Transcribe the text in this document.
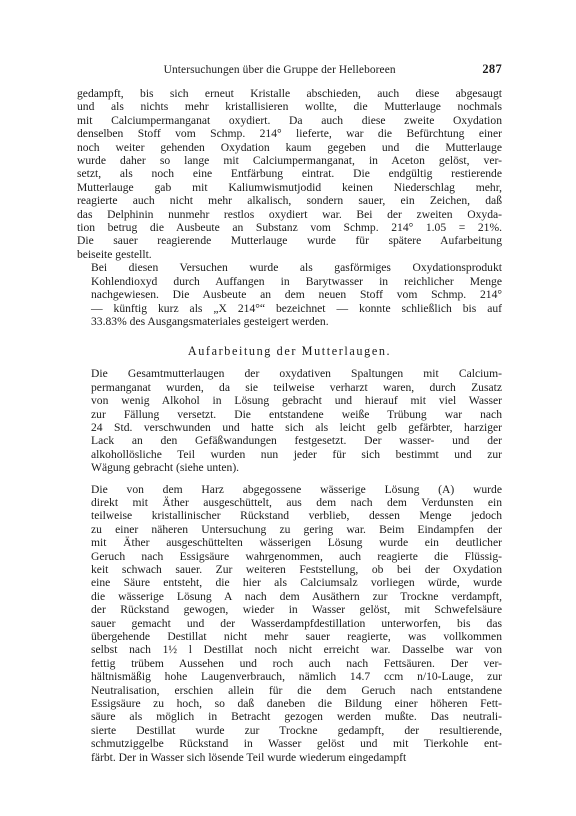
Untersuchungen über die Gruppe der Helleboreen	287
gedampft, bis sich erneut Kristalle abschieden, auch diese abgesaugt
und als nichts mehr kristallisieren wollte, die Mutterlauge nochmals
mit Calciumpermanganat oxydiert. Da auch diese zweite Oxydation
denselben Stoff vom Schmp. 214° lieferte, war die Befürchtung einer
noch weiter gehenden Oxydation kaum gegeben und die Mutterlauge
wurde daher so lange mit Calciumpermanganat, in Aceton gelöst, ver-
setzt, als noch eine Entfärbung eintrat. Die endgültig restierende
Mutterlauge gab mit Kaliumwismutjodid keinen Niederschlag mehr,
reagierte auch nicht mehr alkalisch, sondern sauer, ein Zeichen, daß
das Delphinin nunmehr restlos oxydiert war. Bei der zweiten Oxyda-
tion betrug die Ausbeute an Substanz vom Schmp. 214° 1.05 = 21%.
Die sauer reagierende Mutterlauge wurde für spätere Aufarbeitung
beiseite gestellt.
Bei diesen Versuchen wurde als gasförmiges Oxydationsprodukt
Kohlendioxyd durch Auffangen in Barytwasser in reichlicher Menge
nachgewiesen. Die Ausbeute an dem neuen Stoff vom Schmp. 214°
— künftig kurz als „X 214°“ bezeichnet — konnte schließlich bis auf
33.83% des Ausgangsmateriales gesteigert werden.
Aufarbeitung der Mutterlaugen.
Die Gesamtmutterlaugen der oxydativen Spaltungen mit Calcium-
permanganat wurden, da sie teilweise verharzt waren, durch Zusatz
von wenig Alkohol in Lösung gebracht und hierauf mit viel Wasser
zur Fällung versetzt. Die entstandene weiße Trübung war nach
24 Std. verschwunden und hatte sich als leicht gelb gefärbter, harziger
Lack an den Gefäßwandungen festgesetzt. Der wasser- und der
alkohollösliche Teil wurden nun jeder für sich bestimmt und zur
Wägung gebracht (siehe unten).
Die von dem Harz abgegossene wässerige Lösung (A) wurde
direkt mit Äther ausgeschüttelt, aus dem nach dem Verdunsten ein
teilweise kristallinischer Rückstand verblieb, dessen Menge jedoch
zu einer näheren Untersuchung zu gering war. Beim Eindampfen der
mit Äther ausgeschüttelten wässerigen Lösung wurde ein deutlicher
Geruch nach Essigsäure wahrgenommen, auch reagierte die Flüssig-
keit schwach sauer. Zur weiteren Feststellung, ob bei der Oxydation
eine Säure entsteht, die hier als Calciumsalz vorliegen würde, wurde
die wässerige Lösung A nach dem Ausäthern zur Trockne verdampft,
der Rückstand gewogen, wieder in Wasser gelöst, mit Schwefelsäure
sauer gemacht und der Wasserdampfdestillation unterworfen, bis das
übergehende Destillat nicht mehr sauer reagierte, was vollkommen
selbst nach 1½ l Destillat noch nicht erreicht war. Dasselbe war von
fettig trübem Aussehen und roch auch nach Fettsäuren. Der ver-
hältnismäßig hohe Laugenverbrauch, nämlich 14.7 ccm n/10-Lauge, zur
Neutralisation, erschien allein für die dem Geruch nach entstandene
Essigsäure zu hoch, so daß daneben die Bildung einer höheren Fett-
säure als möglich in Betracht gezogen werden mußte. Das neutrali-
sierte Destillat wurde zur Trockne gedampft, der resultierende,
schmutziggelbe Rückstand in Wasser gelöst und mit Tierkohle ent-
färbt. Der in Wasser sich lösende Teil wurde wiederum eingedampft
